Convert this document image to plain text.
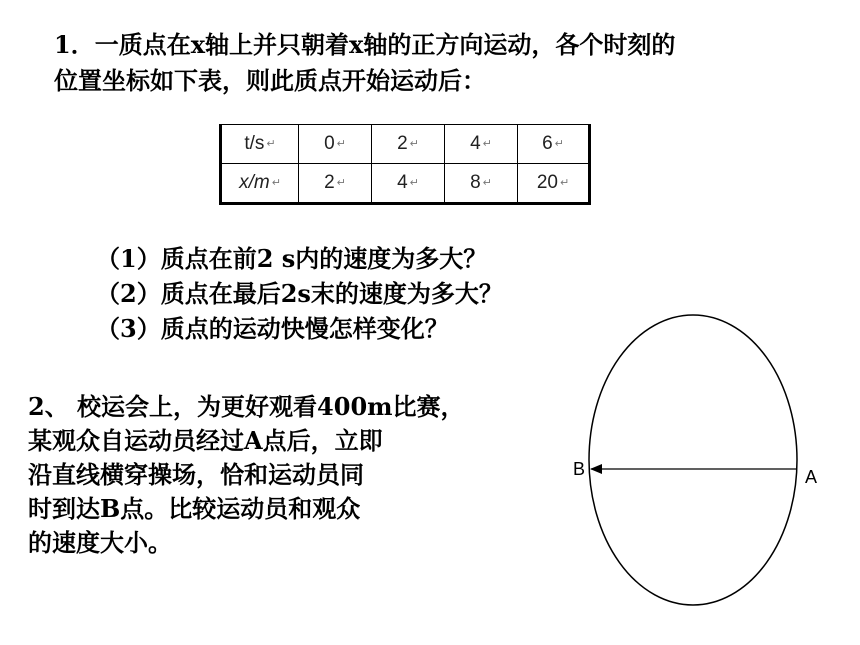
1．一质点在x轴上并只朝着x轴的正方向运动，各个时刻的
位置坐标如下表，则此质点开始运动后：
t/s ↵	0 ↵	2 ↵	4 ↵	6 ↵
x/m ↵	2 ↵	4 ↵	8 ↵	20 ↵
（1）质点在前2 s内的速度为多大？
（2）质点在最后2s末的速度为多大？
（3）质点的运动快慢怎样变化？
2、 校运会上，为更好观看400m比赛，
某观众自运动员经过A点后，立即
沿直线横穿操场，恰和运动员同
时到达B点。比较运动员和观众
的速度大小。
B	A
